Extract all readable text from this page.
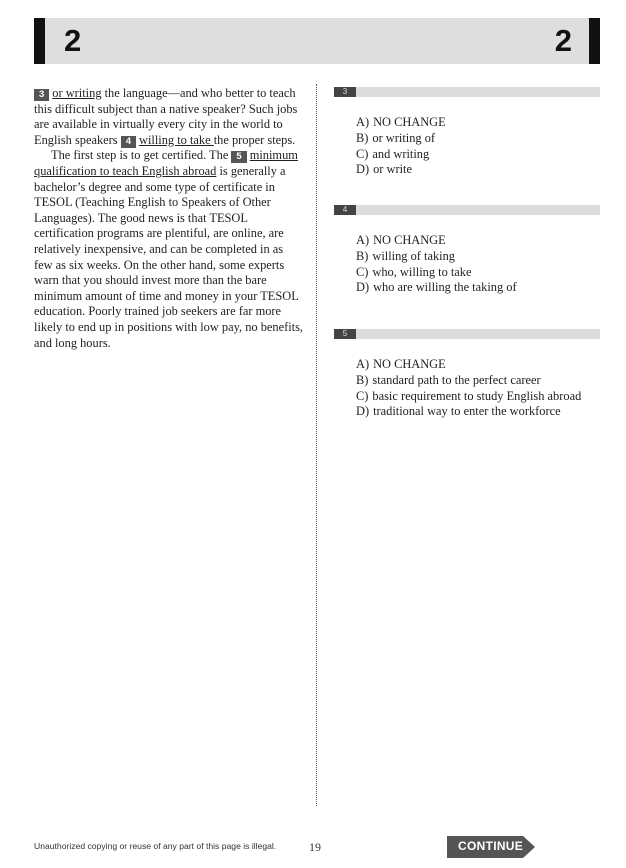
2	2

3 or writing the language—and who better to teach this difficult subject than a native speaker? Such jobs are available in virtually every city in the world to English speakers 4 willing to take the proper steps.

The first step is to get certified. The 5 minimum qualification to teach English abroad is generally a bachelor’s degree and some type of certificate in TESOL (Teaching English to Speakers of Other Languages). The good news is that TESOL certification programs are plentiful, are online, are relatively inexpensive, and can be completed in as few as six weeks. On the other hand, some experts warn that you should invest more than the bare minimum amount of time and money in your TESOL education. Poorly trained job seekers are far more likely to end up in positions with low pay, no benefits, and long hours.

3
A) NO CHANGE
B) or writing of
C) and writing
D) or write
4
A) NO CHANGE
B) willing of taking
C) who, willing to take
D) who are willing the taking of
5
A) NO CHANGE
B) standard path to the perfect career
C) basic requirement to study English abroad
D) traditional way to enter the workforce
Unauthorized copying or reuse of any part of this page is illegal.	19	CONTINUE
